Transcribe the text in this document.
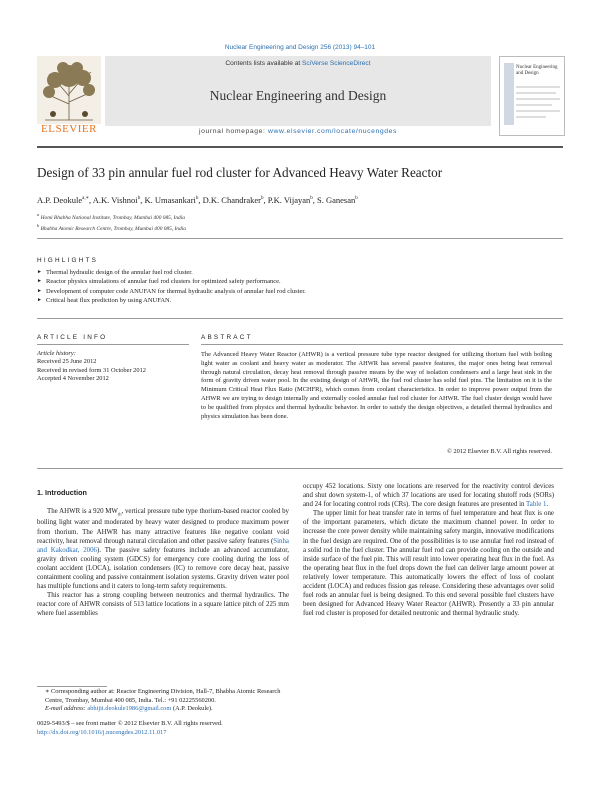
Nuclear Engineering and Design 256 (2013) 94–101
ELSEVIER
Contents lists available at SciVerse ScienceDirect
Nuclear Engineering and Design
journal homepage: www.elsevier.com/locate/nucengdes
Nuclear Engineering and Design
Design of 33 pin annular fuel rod cluster for Advanced Heavy Water Reactor
A.P. Deokule$^{a,∗}$, A.K. Vishnoi$^b$, K. Umasankari$^b$, D.K. Chandraker$^b$, P.K. Vijayan$^b$, S. Ganesan$^b$
$^a$ Homi Bhabha National Institute, Trombay, Mumbai 400 085, India
$^b$ Bhabha Atomic Research Centre, Trombay, Mumbai 400 085, India
HIGHLIGHTS
► Thermal hydraulic design of the annular fuel rod cluster.
► Reactor physics simulations of annular fuel rod clusters for optimized safety performance.
► Development of computer code ANUFAN for thermal hydraulic analysis of annular fuel rod cluster.
► Critical heat flux prediction by using ANUFAN.
ARTICLE INFO
Article history:
Received 25 June 2012
Received in revised form 31 October 2012
Accepted 4 November 2012
ABSTRACT
The Advanced Heavy Water Reactor (AHWR) is a vertical pressure tube type reactor designed for utilizing thorium fuel with boiling light water as coolant and heavy water as moderator. The AHWR has several passive features, the major ones being heat removal through natural circulation, decay heat removal through passive means by the way of isolation condensers and a large heat sink in the form of gravity driven water pool. In the existing design of AHWR, the fuel rod cluster has solid fuel pins. The limitation on it is the Minimum Critical Heat Flux Ratio (MCHFR), which comes from coolant characteristics. In order to improve power output from the AHWR we are trying to design internally and externally cooled annular fuel rod cluster for AHWR. The fuel cluster design would have to be qualified from physics and thermal hydraulic behavior. In order to satisfy the design objectives, a detailed thermal hydraulics and physics simulation has been done.
© 2012 Elsevier B.V. All rights reserved.
1. Introduction

The AHWR is a 920 $MW_{th}$, vertical pressure tube type thorium-based reactor cooled by boiling light water and moderated by heavy water designed to produce maximum power from thorium. The AHWR has many attractive features like negative coolant void reactivity, heat removal through natural circulation and other passive safety features (Sinha and Kakodkar, 2006). The passive safety features include an advanced accumulator, gravity driven cooling system (GDCS) for emergency core cooling during the loss of coolant accident (LOCA), isolation condensers (IC) to remove core decay heat, passive containment cooling and passive containment isolation systems. Gravity driven water pool has multiple functions and it caters to long-term safety requirements.

This reactor has a strong coupling between neutronics and thermal hydraulics. The reactor core of AHWR consists of 513 lattice locations in a square lattice pitch of 225 mm where fuel assemblies

∗ Corresponding author at: Reactor Engineering Division, Hall-7, Bhabha Atomic Research Centre, Trombay, Mumbai 400 085, India. Tel.: +91 02225560200.
E-mail address: abhijit.deokule1986@gmail.com (A.P. Deokule).
0029-5493/$ – see front matter © 2012 Elsevier B.V. All rights reserved.
http://dx.doi.org/10.1016/j.nucengdes.2012.11.017

occupy 452 locations. Sixty one locations are reserved for the reactivity control devices and shut down system-1, of which 37 locations are used for locating shutoff rods (SORs) and 24 for locating control rods (CRs). The core design features are presented in Table 1.

The upper limit for heat transfer rate in terms of fuel temperature and heat flux is one of the important parameters, which dictate the maximum channel power. In order to increase the core power density while maintaining safety margin, innovative modifications in the fuel design are required. One of the possibilities is to use annular fuel rod instead of a solid rod in the fuel cluster. The annular fuel rod can provide cooling on the outside and inside surface of the fuel pin. This will result into lower operating heat flux in the fuel. As the operating heat flux in the fuel drops down the fuel can deliver large amount power at relatively lower temperature. This automatically lowers the effect of loss of coolant accident (LOCA) and reduces fission gas release. Considering these advantages over solid fuel rods an annular fuel is being designed. To this end several possible fuel clusters have been designed for Advanced Heavy Water Reactor (AHWR). Presently a 33 pin annular fuel rod cluster is proposed for detailed neutronic and thermal hydraulic study.
